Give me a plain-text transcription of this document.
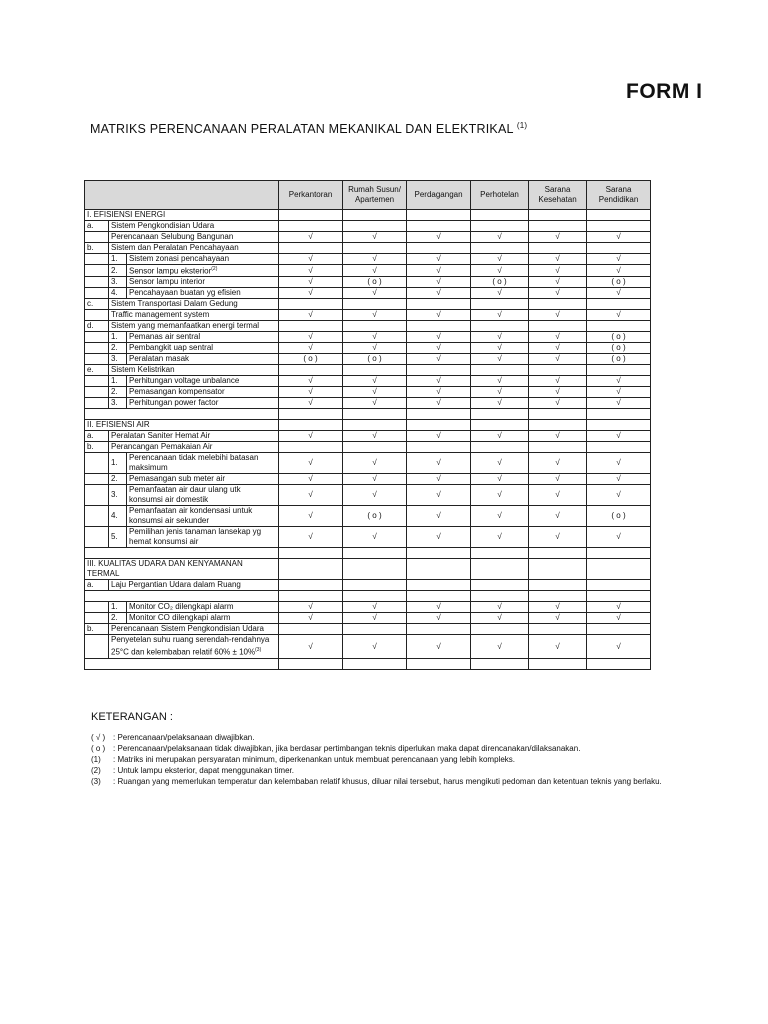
FORM I
MATRIKS PERENCANAAN PERALATAN MEKANIKAL DAN ELEKTRIKAL $^{(1)}$
			Perkantoran	Rumah Susun/ Apartemen	Perdagangan	Perhotelan	Sarana Kesehatan	Sarana Pendidikan
I. EFISIENSI ENERGI								
a.	Sistem Pengkondisian Udara							
	Perencanaan Selubung Bangunan		√	√	√	√	√	√
b.	Sistem dan Peralatan Pencahayaan							
	1.	Sistem zonasi pencahayaan	√	√	√	√	√	√
	2.	Sensor lampu eksterior$^{(2)}$	√	√	√	√	√	√
	3.	Sensor lampu interior	√	( o )	√	( o )	√	( o )
	4.	Pencahayaan buatan yg efisien	√	√	√	√	√	√
c.	Sistem Transportasi Dalam Gedung							
	Traffic management system		√	√	√	√	√	√
d.	Sistem yang memanfaatkan energi termal							
	1.	Pemanas air sentral	√	√	√	√	√	( o )
	2.	Pembangkit uap sentral	√	√	√	√	√	( o )
	3.	Peralatan masak	( o )	( o )	√	√	√	( o )
e.	Sistem Kelistrikan							
	1.	Perhitungan voltage unbalance	√	√	√	√	√	√
	2.	Pemasangan kompensator	√	√	√	√	√	√
	3.	Perhitungan power factor	√	√	√	√	√	√

II. EFISIENSI AIR								
a.	Peralatan Saniter Hemat Air		√	√	√	√	√	√
b.	Perancangan Pemakaian Air							
	1.	Perencanaan tidak melebihi batasan maksimum	√	√	√	√	√	√
	2.	Pemasangan sub meter air	√	√	√	√	√	√
	3.	Pemanfaatan air daur ulang utk konsumsi air domestik	√	√	√	√	√	√
	4.	Pemanfaatan air kondensasi untuk konsumsi air sekunder	√	( o )	√	√	√	( o )
	5.	Pemilihan jenis tanaman lansekap yg hemat konsumsi air	√	√	√	√	√	√

III. KUALITAS UDARA DAN KENYAMANAN TERMAL								
a.	Laju Pergantian Udara dalam Ruang							

	1.	Monitor CO₂ dilengkapi alarm	√	√	√	√	√	√
	2.	Monitor CO dilengkapi alarm	√	√	√	√	√	√
b.	Perencanaan Sistem Pengkondisian Udara							
	Penyetelan suhu ruang serendah-rendahnya 25°C dan kelembaban relatif 60% ± 10%$^{(3)}$		√	√	√	√	√	√

KETERANGAN :
( √ ) : Perencanaan/pelaksanaan diwajibkan.
( o ) : Perencanaan/pelaksanaan tidak diwajibkan, jika berdasar pertimbangan teknis diperlukan maka dapat direncanakan/dilaksanakan.
(1)	: Matriks ini merupakan persyaratan minimum, diperkenankan untuk membuat perencanaan yang lebih kompleks.
(2)	: Untuk lampu eksterior, dapat menggunakan timer.
(3)	: Ruangan yang memerlukan temperatur dan kelembaban relatif khusus, diluar nilai tersebut, harus mengikuti pedoman dan ketentuan teknis yang berlaku.
